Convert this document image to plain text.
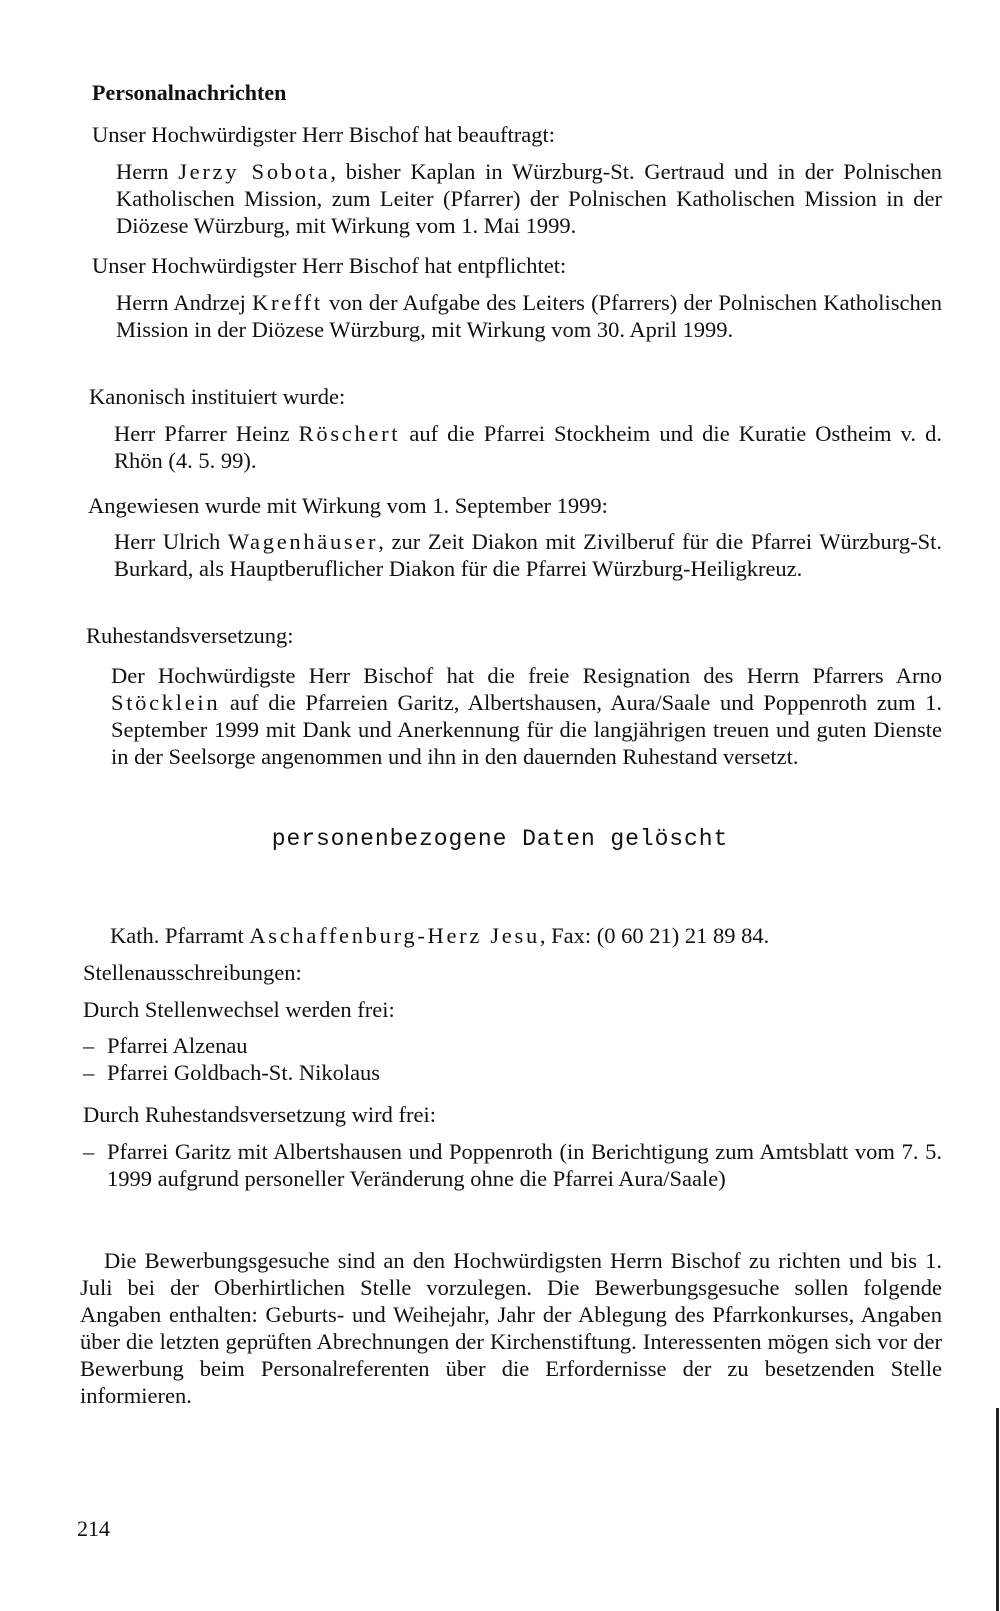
Personalnachrichten

Unser Hochwürdigster Herr Bischof hat beauftragt:

Herrn Jerzy Sobota, bisher Kaplan in Würzburg-St. Gertraud und in der Polnischen Katholischen Mission, zum Leiter (Pfarrer) der Polnischen Katholischen Mission in der Diözese Würzburg, mit Wirkung vom 1. Mai 1999.

Unser Hochwürdigster Herr Bischof hat entpflichtet:

Herrn Andrzej Krefft von der Aufgabe des Leiters (Pfarrers) der Polnischen Katholischen Mission in der Diözese Würzburg, mit Wirkung vom 30. April 1999.

Kanonisch instituiert wurde:

Herr Pfarrer Heinz Röschert auf die Pfarrei Stockheim und die Kuratie Ostheim v. d. Rhön (4. 5. 99).

Angewiesen wurde mit Wirkung vom 1. September 1999:

Herr Ulrich Wagenhäuser, zur Zeit Diakon mit Zivilberuf für die Pfarrei Würzburg-St. Burkard, als Hauptberuflicher Diakon für die Pfarrei Würzburg-Heiligkreuz.

Ruhestandsversetzung:

Der Hochwürdigste Herr Bischof hat die freie Resignation des Herrn Pfarrers Arno Stöcklein auf die Pfarreien Garitz, Albertshausen, Aura/Saale und Poppenroth zum 1. September 1999 mit Dank und Anerkennung für die langjährigen treuen und guten Dienste in der Seelsorge angenommen und ihn in den dauernden Ruhestand versetzt.

personenbezogene Daten gelöscht

Kath. Pfarramt Aschaffenburg-Herz Jesu, Fax: (0 60 21) 21 89 84.

Stellenausschreibungen:

Durch Stellenwechsel werden frei:

– Pfarrei Alzenau
– Pfarrei Goldbach-St. Nikolaus

Durch Ruhestandsversetzung wird frei:

– Pfarrei Garitz mit Albertshausen und Poppenroth (in Berichtigung zum Amtsblatt vom 7. 5. 1999 aufgrund personeller Veränderung ohne die Pfarrei Aura/Saale)

Die Bewerbungsgesuche sind an den Hochwürdigsten Herrn Bischof zu richten und bis 1. Juli bei der Oberhirtlichen Stelle vorzulegen. Die Bewerbungsgesuche sollen folgende Angaben enthalten: Geburts- und Weihejahr, Jahr der Ablegung des Pfarrkonkurses, Angaben über die letzten geprüften Abrechnungen der Kirchenstiftung. Interessenten mögen sich vor der Bewerbung beim Personalreferenten über die Erfordernisse der zu besetzenden Stelle informieren.

214
